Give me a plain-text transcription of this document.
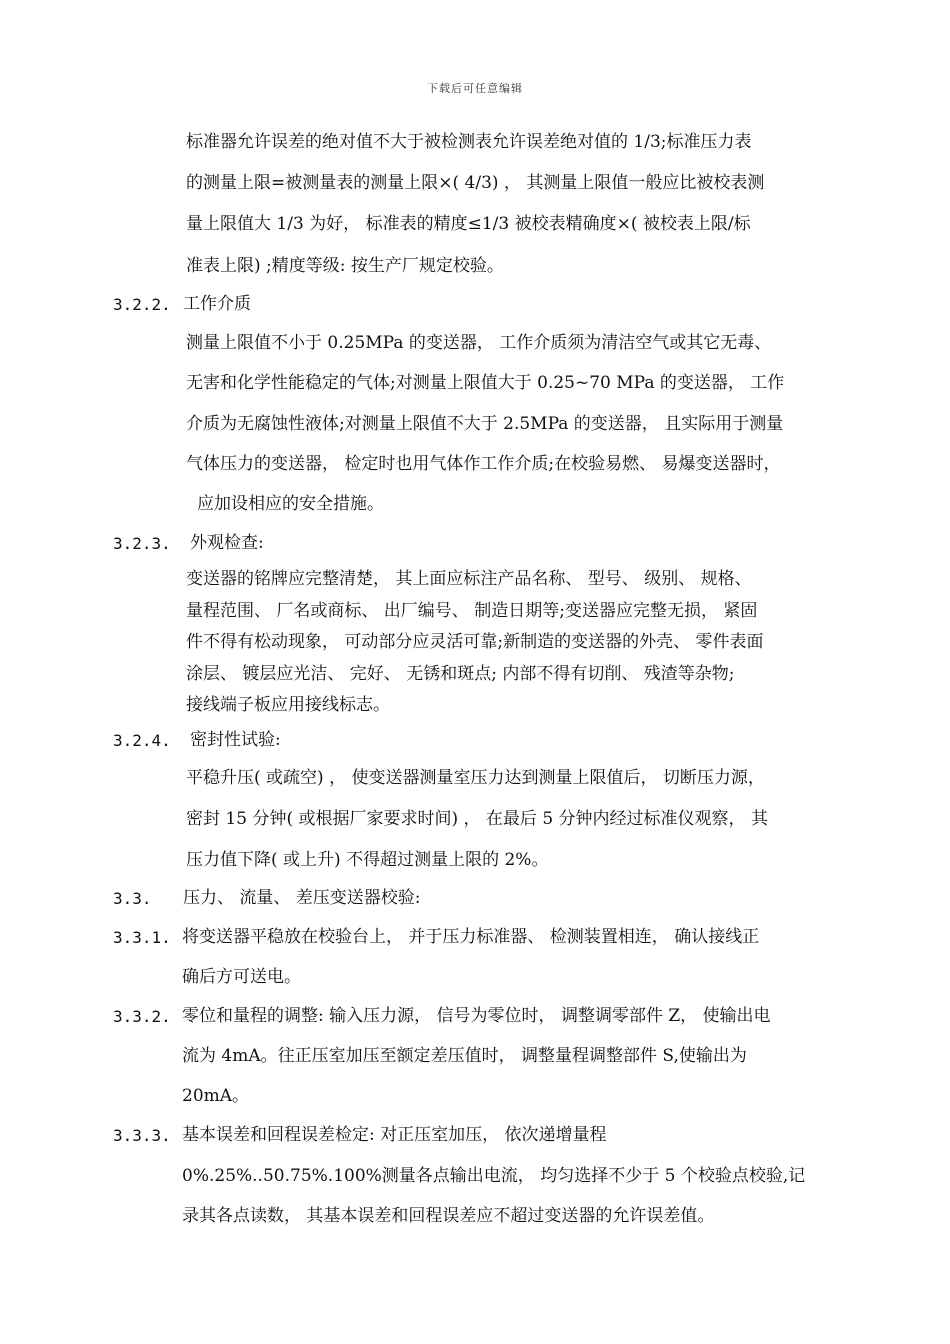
下载后可任意编辑
标准器允许误差的绝对值不大于被检测表允许误差绝对值的 1/3;标准压力表
的测量上限=被测量表的测量上限×( 4/3) ， 其测量上限值一般应比被校表测
量上限值大 1/3 为好， 标准表的精度≤1/3 被校表精确度×( 被校表上限/标
准表上限) ;精度等级: 按生产厂规定校验。
3.2.2. 工作介质
测量上限值不小于 0.25MPa 的变送器， 工作介质须为清洁空气或其它无毒、
无害和化学性能稳定的气体;对测量上限值大于 0.25~70 MPa 的变送器， 工作
介质为无腐蚀性液体;对测量上限值不大于 2.5MPa 的变送器， 且实际用于测量
气体压力的变送器， 检定时也用气体作工作介质;在校验易燃、 易爆变送器时，
应加设相应的安全措施。
3.2.3. 外观检查:
变送器的铭牌应完整清楚， 其上面应标注产品名称、 型号、 级别、 规格、
量程范围、 厂名或商标、 出厂编号、 制造日期等;变送器应完整无损， 紧固
件不得有松动现象， 可动部分应灵活可靠;新制造的变送器的外壳、 零件表面
涂层、 镀层应光洁、 完好、 无锈和斑点; 内部不得有切削、 残渣等杂物;
接线端子板应用接线标志。
3.2.4. 密封性试验:
平稳升压( 或疏空) ， 使变送器测量室压力达到测量上限值后， 切断压力源，
密封 15 分钟( 或根据厂家要求时间) ， 在最后 5 分钟内经过标准仪观察， 其
压力值下降( 或上升) 不得超过测量上限的 2%。
3.3. 压力、 流量、 差压变送器校验:
3.3.1. 将变送器平稳放在校验台上， 并于压力标准器、 检测装置相连， 确认接线正
确后方可送电。
3.3.2. 零位和量程的调整: 输入压力源， 信号为零位时， 调整调零部件 Z， 使输出电
流为 4mA。往正压室加压至额定差压值时， 调整量程调整部件 S,使输出为
20mA。
3.3.3. 基本误差和回程误差检定: 对正压室加压， 依次递增量程
0%.25%..50.75%.100%测量各点输出电流， 均匀选择不少于 5 个校验点校验,记
录其各点读数， 其基本误差和回程误差应不超过变送器的允许误差值。
